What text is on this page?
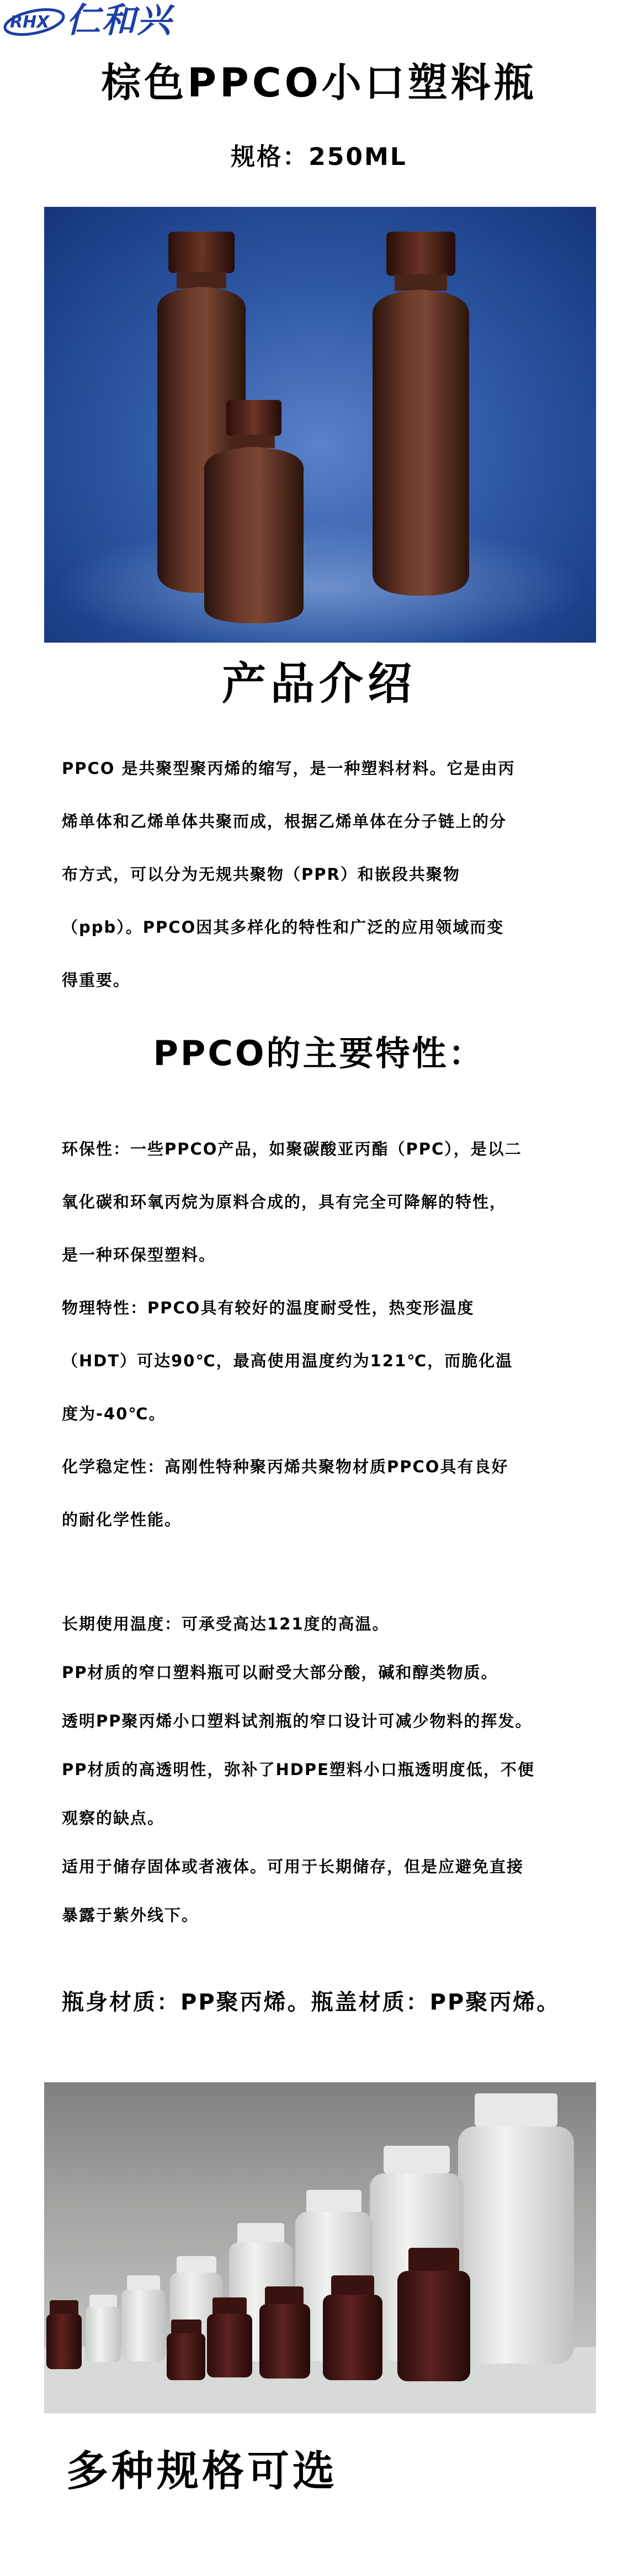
RHX 仁和兴
棕色PPCO小口塑料瓶
规格：250ML
产品介绍
PPCO 是共聚型聚丙烯的缩写，是一种塑料材料。它是由丙
烯单体和乙烯单体共聚而成，根据乙烯单体在分子链上的分
布方式，可以分为无规共聚物（PPR）和嵌段共聚物
（ppb）。PPCO因其多样化的特性和广泛的应用领域而变
得重要。
PPCO的主要特性：
环保性：一些PPCO产品，如聚碳酸亚丙酯（PPC），是以二
氧化碳和环氧丙烷为原料合成的，具有完全可降解的特性，
是一种环保型塑料。
物理特性：PPCO具有较好的温度耐受性，热变形温度
（HDT）可达90℃，最高使用温度约为121℃，而脆化温
度为-40℃。
化学稳定性：高刚性特种聚丙烯共聚物材质PPCO具有良好
的耐化学性能。
长期使用温度：可承受高达121度的高温。
PP材质的窄口塑料瓶可以耐受大部分酸，碱和醇类物质。
透明PP聚丙烯小口塑料试剂瓶的窄口设计可减少物料的挥发。
PP材质的高透明性，弥补了HDPE塑料小口瓶透明度低，不便
观察的缺点。
适用于储存固体或者液体。可用于长期储存，但是应避免直接
暴露于紫外线下。
瓶身材质：PP聚丙烯。瓶盖材质：PP聚丙烯。
多种规格可选
